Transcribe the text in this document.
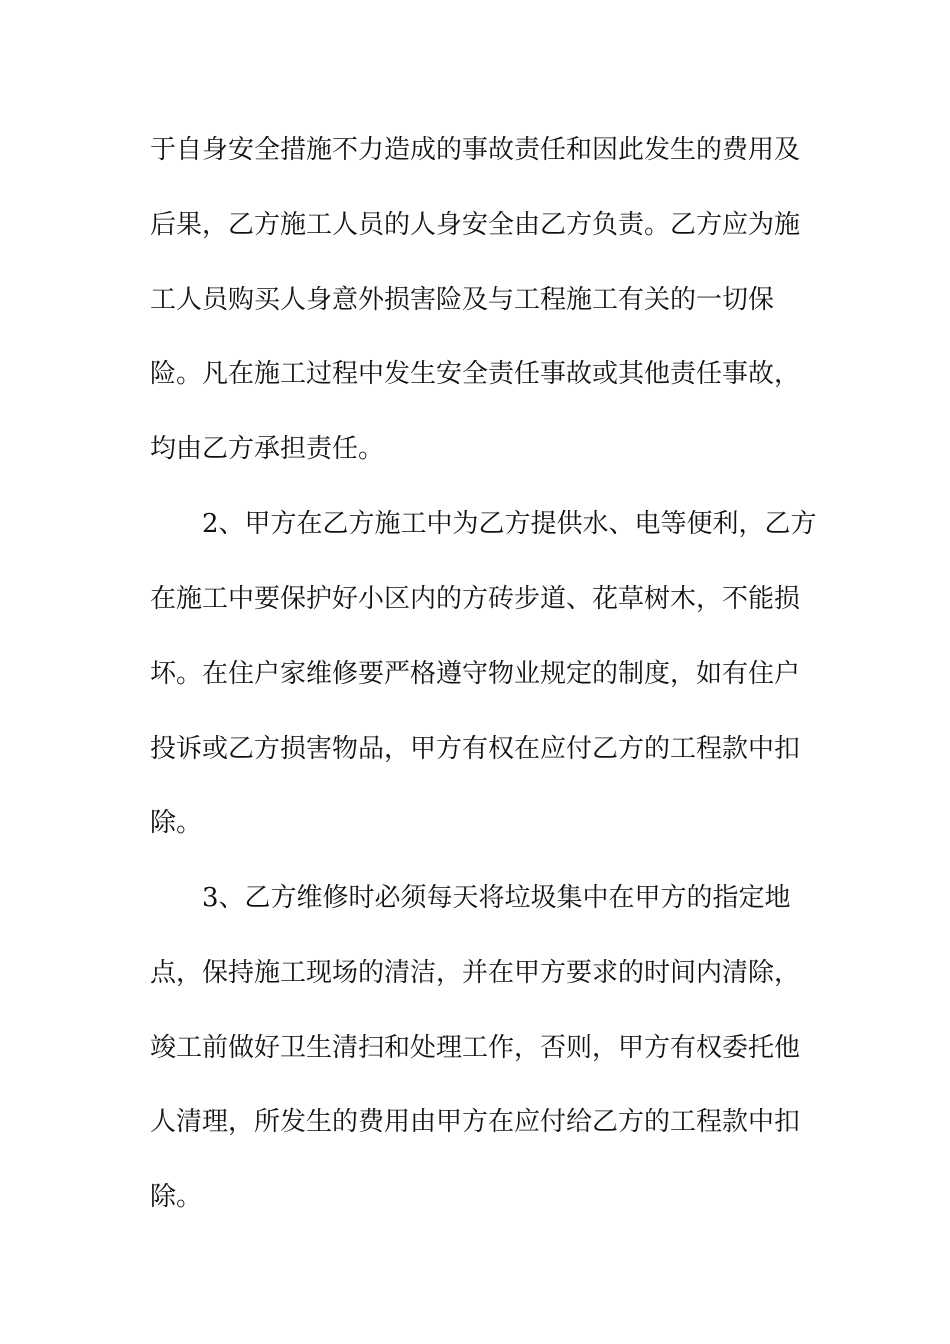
于自身安全措施不力造成的事故责任和因此发生的费用及
后果，乙方施工人员的人身安全由乙方负责。乙方应为施
工人员购买人身意外损害险及与工程施工有关的一切保
险。凡在施工过程中发生安全责任事故或其他责任事故，
均由乙方承担责任。
2、甲方在乙方施工中为乙方提供水、电等便利，乙方
在施工中要保护好小区内的方砖步道、花草树木，不能损
坏。在住户家维修要严格遵守物业规定的制度，如有住户
投诉或乙方损害物品，甲方有权在应付乙方的工程款中扣
除。
3、乙方维修时必须每天将垃圾集中在甲方的指定地
点，保持施工现场的清洁，并在甲方要求的时间内清除，
竣工前做好卫生清扫和处理工作，否则，甲方有权委托他
人清理，所发生的费用由甲方在应付给乙方的工程款中扣
除。
